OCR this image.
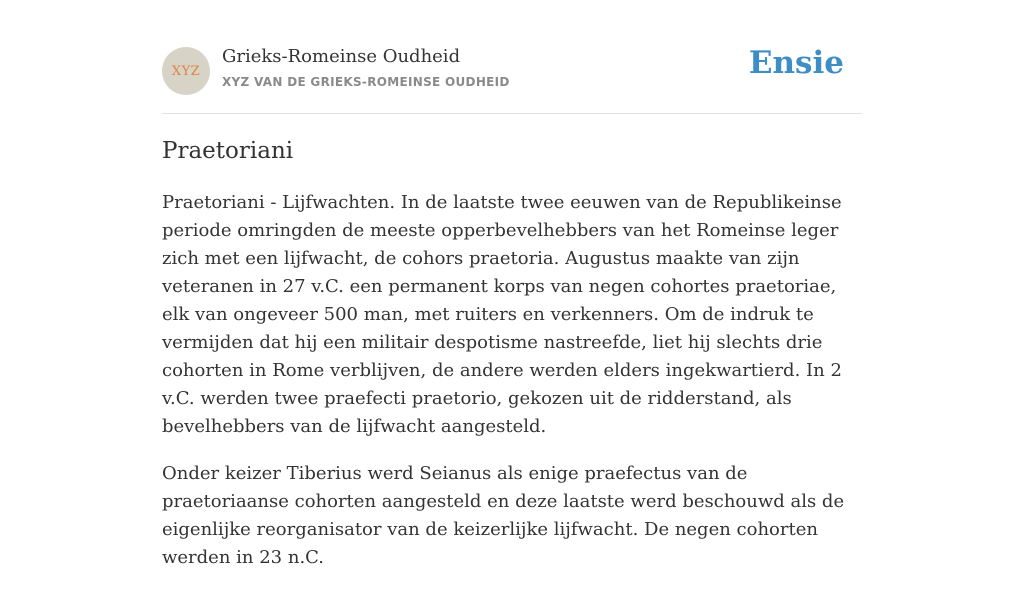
XYZ
Grieks-Romeinse Oudheid
XYZ VAN DE GRIEKS-ROMEINSE OUDHEID
Ensie
Praetoriani

Praetoriani - Lijfwachten. In de laatste twee eeuwen van de Republikeinse periode omringden de meeste opperbevelhebbers van het Romeinse leger zich met een lijfwacht, de cohors praetoria. Augustus maakte van zijn veteranen in 27 v.C. een permanent korps van negen cohortes praetoriae, elk van ongeveer 500 man, met ruiters en verkenners. Om de indruk te vermijden dat hij een militair despotisme nastreefde, liet hij slechts drie cohorten in Rome verblijven, de andere werden elders ingekwartierd. In 2 v.C. werden twee praefecti praetorio, gekozen uit de ridderstand, als bevelhebbers van de lijfwacht aangesteld.

Onder keizer Tiberius werd Seianus als enige praefectus van de praetoriaanse cohorten aangesteld en deze laatste werd beschouwd als de eigenlijke reorganisator van de keizerlijke lijfwacht. De negen cohorten werden in 23 n.C.
